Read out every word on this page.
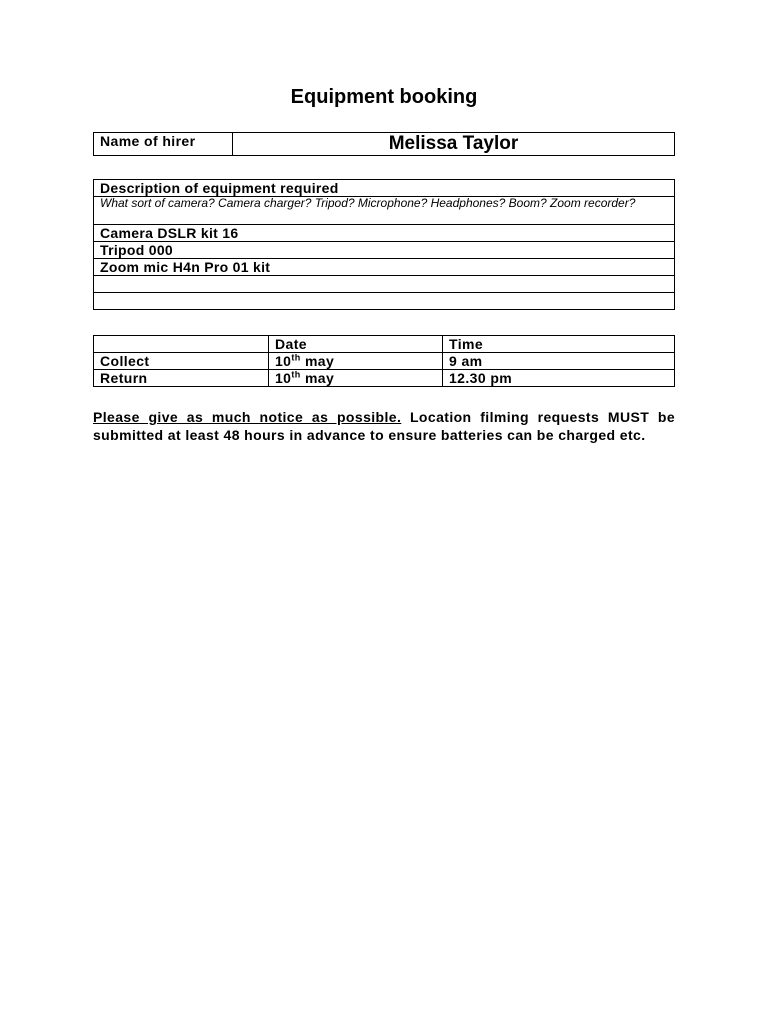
Equipment booking
Name of hirer	Melissa Taylor
Description of equipment required
What sort of camera? Camera charger? Tripod? Microphone? Headphones? Boom? Zoom recorder?
Camera DSLR kit 16
Tripod 000
Zoom mic H4n Pro 01 kit

	Date	Time
Collect	10th may	9 am
Return	10th may	12.30 pm
Please give as much notice as possible. Location filming requests MUST be submitted at least 48 hours in advance to ensure batteries can be charged etc.
